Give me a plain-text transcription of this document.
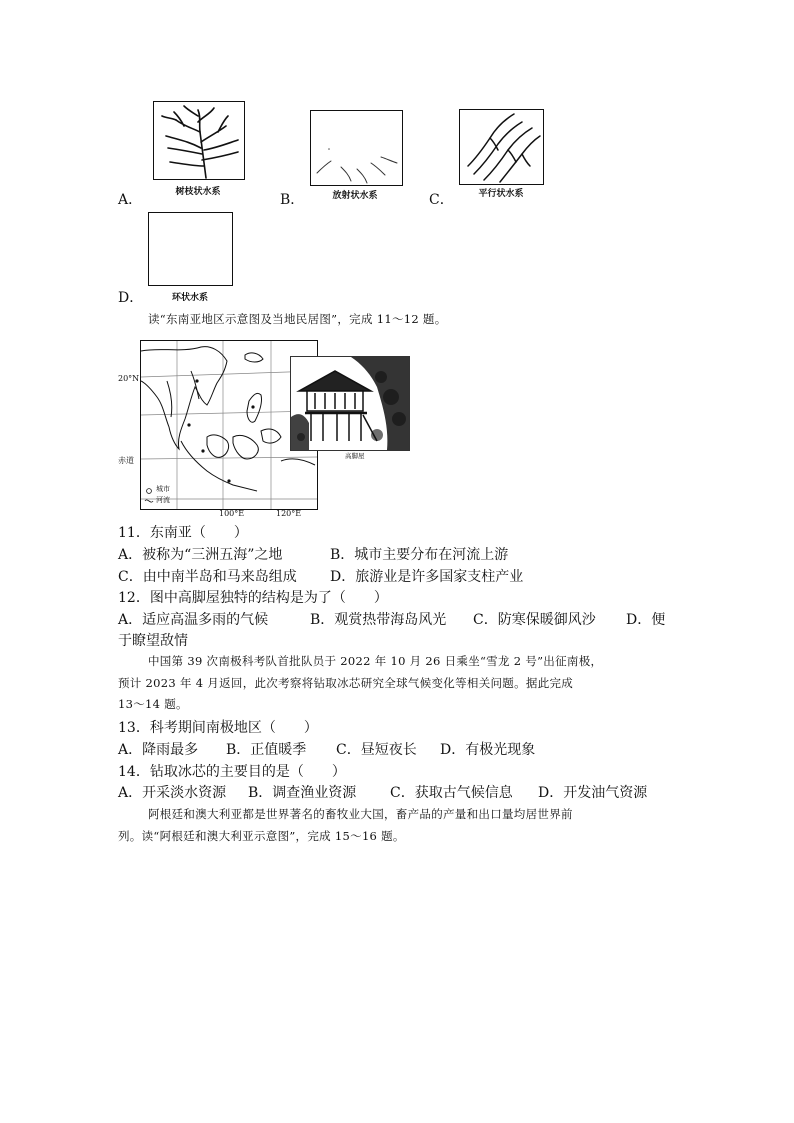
树枝状水系
A．	放射状水系
B．	平行状水系
C．
环状水系
D．
读“东南亚地区示意图及当地民居图”，完成 11～12 题。
20°N
赤道
城市
河流
100°E	120°E
高脚屋
11．东南亚（　　）
A．被称为“三洲五海”之地	B．城市主要分布在河流上游
C．由中南半岛和马来岛组成 D．旅游业是许多国家支柱产业
12．图中高脚屋独特的结构是为了（　　）
A．适应高温多雨的气候	B．观赏热带海岛风光 C．防寒保暖御风沙 D．便
于瞭望敌情
中国第 39 次南极科考队首批队员于 2022 年 10 月 26 日乘坐“雪龙 2 号”出征南极，
预计 2023 年 4 月返回，此次考察将钻取冰芯研究全球气候变化等相关问题。据此完成
13～14 题。
13．科考期间南极地区（　　）
A．降雨最多 B．正值暖季 C．昼短夜长 D．有极光现象
14．钻取冰芯的主要目的是（　　）
A．开采淡水资源 B．调查渔业资源 C．获取古气候信息 D．开发油气资源
阿根廷和澳大利亚都是世界著名的畜牧业大国，畜产品的产量和出口量均居世界前
列。读“阿根廷和澳大利亚示意图”，完成 15～16 题。
